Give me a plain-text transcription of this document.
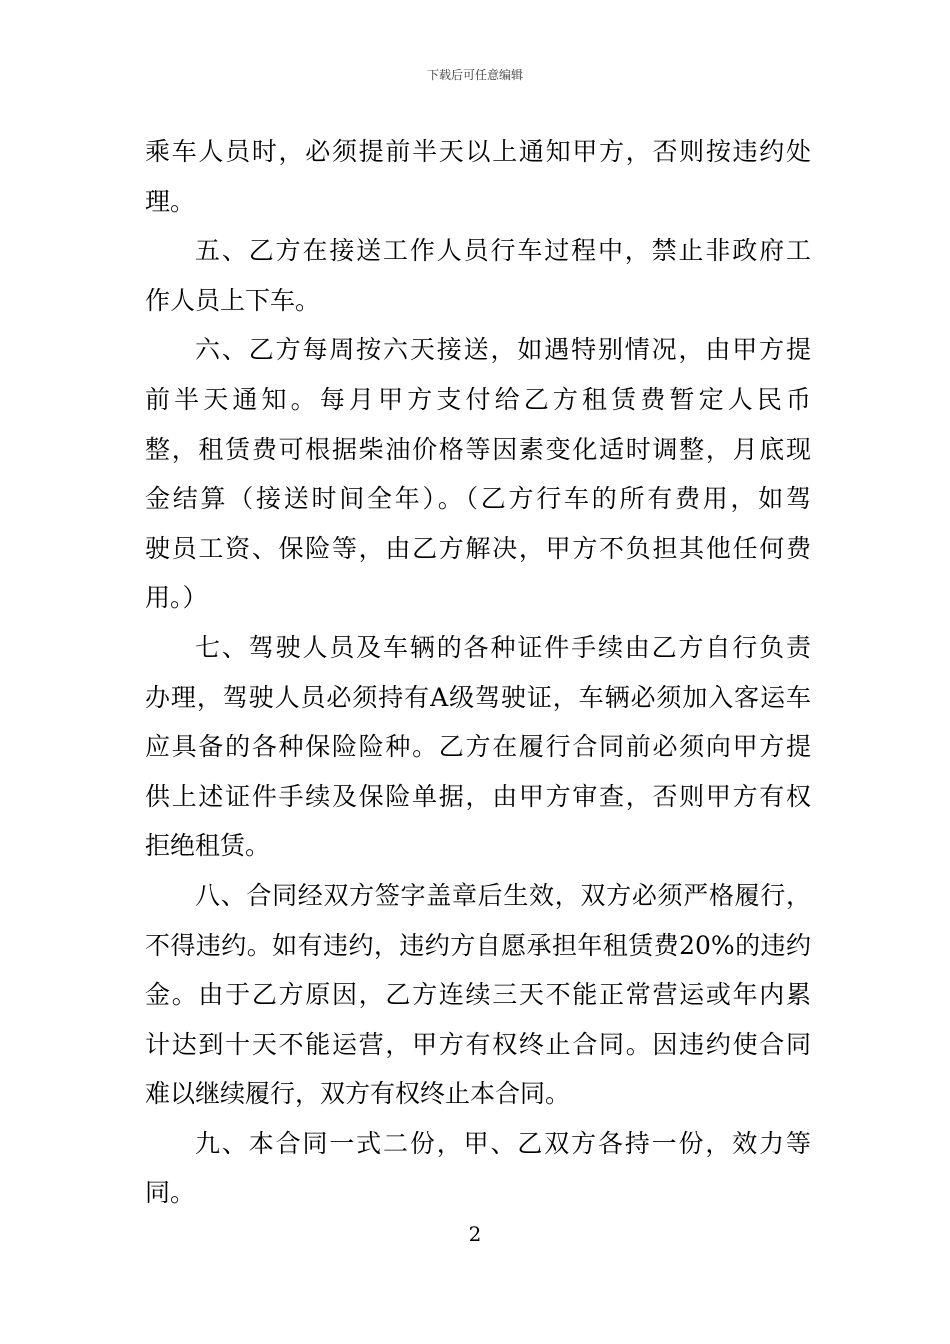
下载后可任意编辑
乘车人员时，必须提前半天以上通知甲方，否则按违约处
理。
五、乙方在接送工作人员行车过程中，禁止非政府工
作人员上下车。
六、乙方每周按六天接送，如遇特别情况，由甲方提
前半天通知。每月甲方支付给乙方租赁费暂定人民币
整，租赁费可根据柴油价格等因素变化适时调整，月底现
金结算（接送时间全年）。（乙方行车的所有费用，如驾
驶员工资、保险等，由乙方解决，甲方不负担其他任何费
用。）
七、驾驶人员及车辆的各种证件手续由乙方自行负责
办理，驾驶人员必须持有A级驾驶证，车辆必须加入客运车
应具备的各种保险险种。乙方在履行合同前必须向甲方提
供上述证件手续及保险单据，由甲方审查，否则甲方有权
拒绝租赁。
八、合同经双方签字盖章后生效，双方必须严格履行，
不得违约。如有违约，违约方自愿承担年租赁费20%的违约
金。由于乙方原因，乙方连续三天不能正常营运或年内累
计达到十天不能运营，甲方有权终止合同。因违约使合同
难以继续履行，双方有权终止本合同。
九、本合同一式二份，甲、乙双方各持一份，效力等
同。
2
